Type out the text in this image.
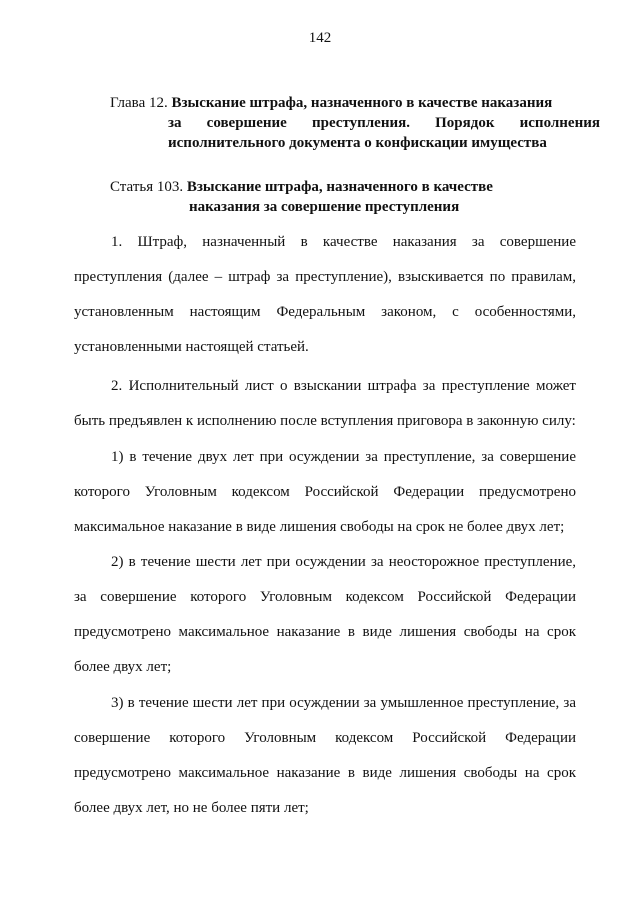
142
Глава 12. Взыскание штрафа, назначенного в качестве наказания
за совершение преступления. Порядок исполнения исполнительного документа о конфискации имущества
Статья 103. Взыскание штрафа, назначенного в качестве
наказания за совершение преступления

1. Штраф, назначенный в качестве наказания за совершение преступления (далее – штраф за преступление), взыскивается по правилам, установленным настоящим Федеральным законом, с особенностями, установленными настоящей статьей.

2. Исполнительный лист о взыскании штрафа за преступление может быть предъявлен к исполнению после вступления приговора в законную силу:

1) в течение двух лет при осуждении за преступление, за совершение которого Уголовным кодексом Российской Федерации предусмотрено максимальное наказание в виде лишения свободы на срок не более двух лет;

2) в течение шести лет при осуждении за неосторожное преступление, за совершение которого Уголовным кодексом Российской Федерации предусмотрено максимальное наказание в виде лишения свободы на срок более двух лет;

3) в течение шести лет при осуждении за умышленное преступление, за совершение которого Уголовным кодексом Российской Федерации предусмотрено максимальное наказание в виде лишения свободы на срок более двух лет, но не более пяти лет;
